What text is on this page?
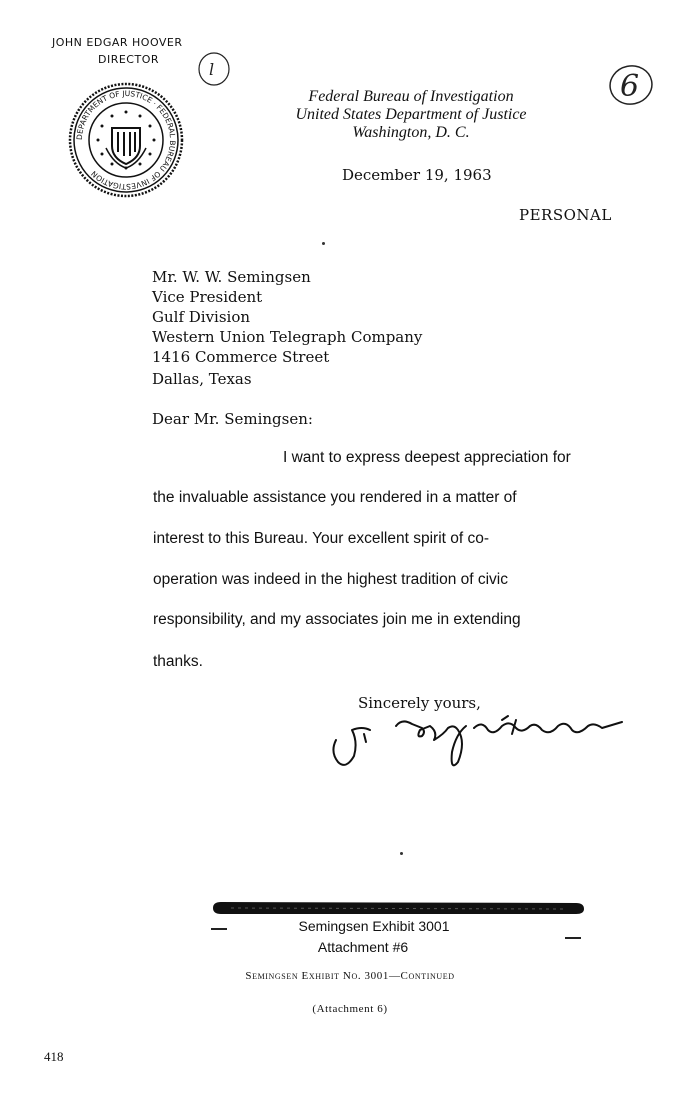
JOHN EDGAR HOOVER
DIRECTOR
DEPARTMENT OF JUSTICE · FEDERAL BUREAU OF INVESTIGATION
l	6
Federal Bureau of Investigation
United States Department of Justice
Washington, D. C.
December 19, 1963
PERSONAL
Mr. W. W. Semingsen
Vice President
Gulf Division
Western Union Telegraph Company
1416 Commerce Street
Dallas, Texas
Dear Mr. Semingsen:
I want to express deepest appreciation for
the invaluable assistance you rendered in a matter of
interest to this Bureau. Your excellent spirit of co-
operation was indeed in the highest tradition of civic
responsibility, and my associates join me in extending
thanks.
Sincerely yours,
Semingsen Exhibit 3001
Attachment #6
Semingsen Exhibit No. 3001—Continued
(Attachment 6)
418
